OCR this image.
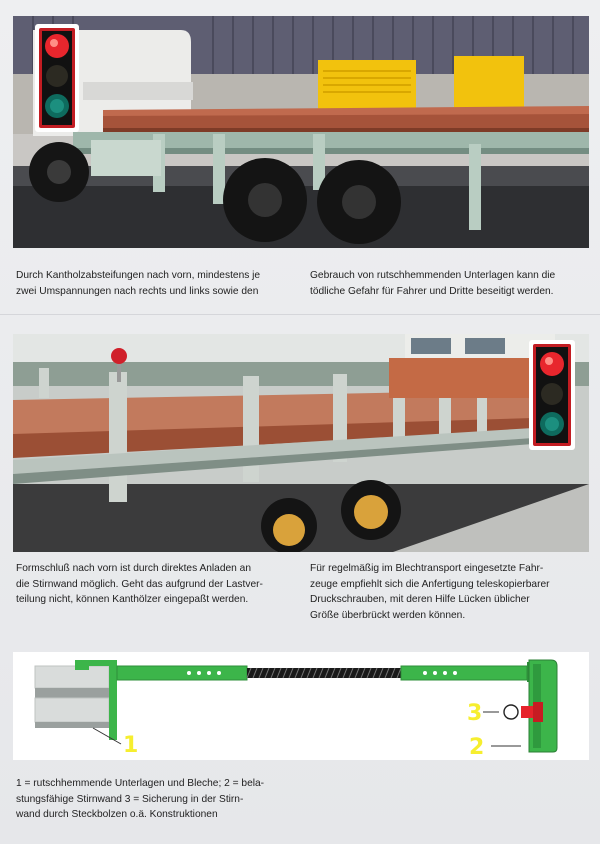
Durch Kantholzabsteifungen nach vorn, mindestens je
zwei Umspannungen nach rechts und links sowie den

Gebrauch von rutschhemmenden Unterlagen kann die
tödliche Gefahr für Fahrer und Dritte beseitigt werden.

Formschluß nach vorn ist durch direktes Anladen an
die Stirnwand möglich. Geht das aufgrund der Lastver-
teilung nicht, können Kanthölzer eingepaßt werden.

Für regelmäßig im Blechtransport eingesetzte Fahr-
zeuge empfiehlt sich die Anfertigung teleskopierbarer
Druckschrauben, mit deren Hilfe Lücken üblicher
Größe überbrückt werden können.

1
3
2

1 = rutschhemmende Unterlagen und Bleche; 2 = bela-
stungsfähige Stirnwand 3 = Sicherung in der Stirn-
wand durch Steckbolzen o.ä. Konstruktionen
